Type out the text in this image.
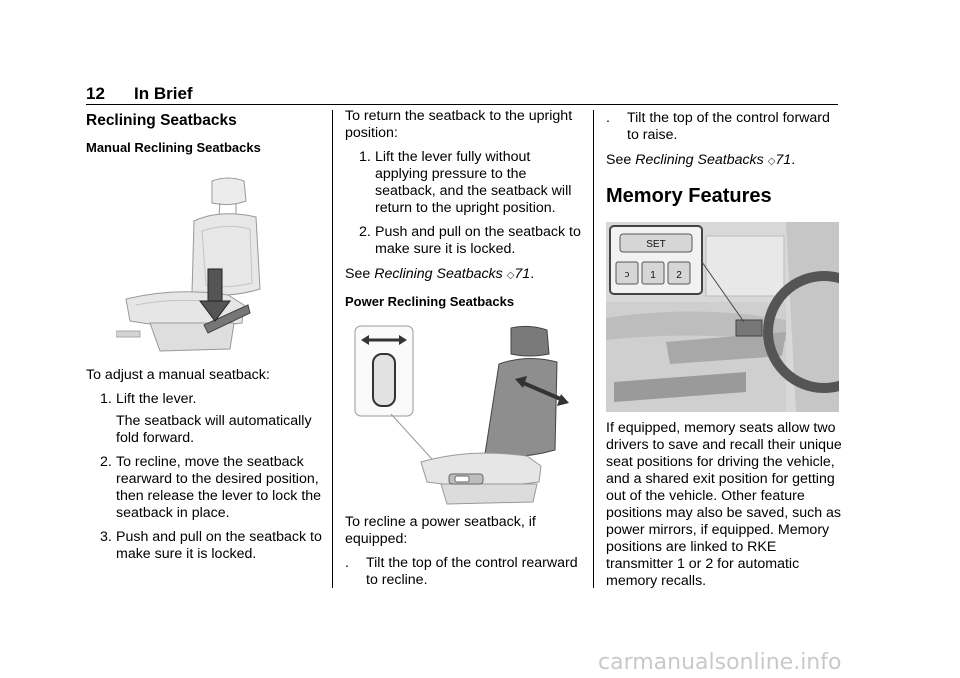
12 In Brief
Reclining Seatbacks
Manual Reclining Seatbacks

To adjust a manual seatback:

1. Lift the lever.

The seatback will automatically fold forward.

2. To recline, move the seatback rearward to the desired position, then release the lever to lock the seatback in place.
3. Push and pull on the seatback to make sure it is locked.

To return the seatback to the upright position:

1. Lift the lever fully without applying pressure to the seatback, and the seatback will return to the upright position.
2. Push and pull on the seatback to make sure it is locked.

See Reclining Seatbacks ◇71.

Power Reclining Seatbacks

To recline a power seatback, if equipped:

. Tilt the top of the control rearward to recline.
. Tilt the top of the control forward to raise.

See Reclining Seatbacks ◇71.

Memory Features
SET
ↄ 1 2

If equipped, memory seats allow two drivers to save and recall their unique seat positions for driving the vehicle, and a shared exit position for getting out of the vehicle. Other feature positions may also be saved, such as power mirrors, if equipped. Memory positions are linked to RKE transmitter 1 or 2 for automatic memory recalls.

carmanualsonline.info
